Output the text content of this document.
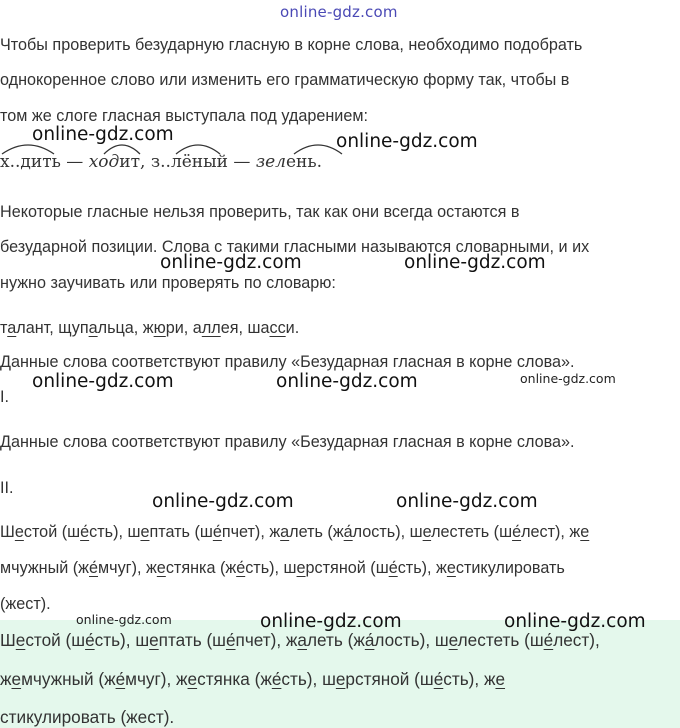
online-gdz.com
Чтобы проверить безударную гласную в корне слова, необходимо подобрать
однокоренное слово или изменить его грамматическую форму так, чтобы в
том же слоге гласная выступала под ударением:
х..дить — ходит, з..лёный — зелень.
Некоторые гласные нельзя проверить, так как они всегда остаются в
безударной позиции. Слова с такими гласными называются словарными, и их
нужно заучивать или проверять по словарю:
талант, щупальца, жюри, аллея, шасси.
Данные слова соответствуют правилу «Безударная гласная в корне слова».
I.
Данные слова соответствуют правилу «Безударная гласная в корне слова».
II.
Шестой (ше́сть), шептать (ше́пчет), жалеть (жа́лость), шелестеть (ше́лест), же
мчужный (же́мчуг), жестянка (же́сть), шерстяной (ше́сть), жестикулировать
(жест).
Шестой (ше́сть), шептать (ше́пчет), жалеть (жа́лость), шелестеть (ше́лест),
жемчужный (же́мчуг), жестянка (же́сть), шерстяной (ше́сть), же
стикулировать (жест).
online-gdz.com	online-gdz.com
online-gdz.com	online-gdz.com
online-gdz.com	online-gdz.com	online-gdz.com
online-gdz.com	online-gdz.com
online-gdz.com	online-gdz.com	online-gdz.com
